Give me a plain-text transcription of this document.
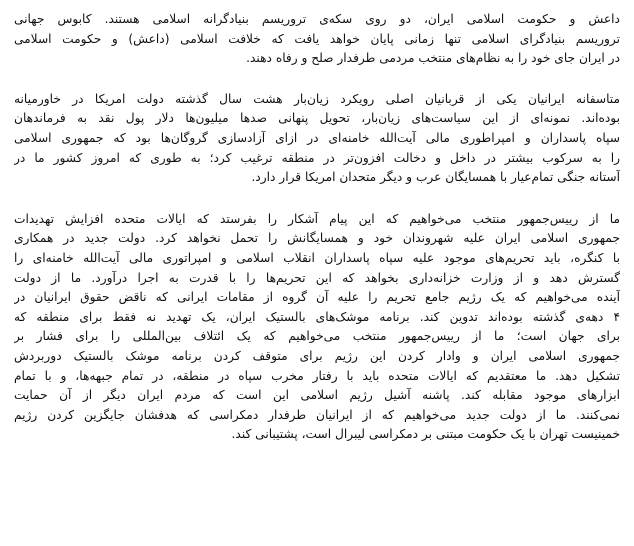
داعش و حکومت اسلامی ایران، دو روی سکه‌ی تروریسم بنیادگرانه اسلامی هستند. کابوس جهانی
تروریسم بنیادگرای اسلامی تنها زمانی پایان خواهد یافت که خلافت اسلامی (داعش) و حکومت اسلامی
در ایران جای خود را به نظام‌های منتخب مردمی طرفدار صلح و رفاه دهند.
متاسفانه ایرانیان یکی از قربانیان اصلی رویکرد زیان‌بار هشت سال گذشته دولت امریکا در خاورمیانه
بوده‌اند. نمونه‌ای از این سیاست‌های زیان‌بار، تحویل پنهانی صدها میلیون‌ها دلار پول نقد به فرماندهان
سپاه پاسداران و امپراطوری مالی آیت‌الله خامنه‌ای در ازای آزادسازی گروگان‌ها بود که جمهوری اسلامی
را به سرکوب بیشتر در داخل و دخالت افزون‌تر در منطقه ترغیب کرد؛ به طوری که امروز کشور ما در
آستانه جنگی تمام‌عیار با همسایگان عرب و دیگر متحدان امریکا قرار دارد.
ما از رییس‌جمهور منتخب می‌خواهیم که این پیام آشکار را بفرستد که ایالات متحده افزایش تهدیدات
جمهوری اسلامی ایران علیه شهروندان خود و همسایگانش را تحمل نخواهد کرد. دولت جدید در همکاری
با کنگره، باید تحریم‌های موجود علیه سپاه پاسداران انقلاب اسلامی و امپراتوری مالی آیت‌الله خامنه‌ای را
گسترش دهد و از وزارت خزانه‌داری بخواهد که این تحریم‌ها را با قدرت به اجرا درآورد. ما از دولت
آینده می‌خواهیم که یک رژیم جامع تحریم را علیه آن گروه از مقامات ایرانی که ناقض حقوق ایرانیان در
۴ دهه‌ی گذشته بوده‌اند تدوین کند. برنامه موشک‌های بالستیک ایران، یک تهدید نه فقط برای منطقه که
برای جهان است؛ ما از رییس‌جمهور منتخب می‌خواهیم که یک ائتلاف بین‌المللی را برای فشار بر
جمهوری اسلامی ایران و وادار کردن این رژیم برای متوقف کردن برنامه موشک بالستیک دوربردش
تشکیل دهد. ما معتقدیم که ایالات متحده باید با رفتار مخرب سپاه در منطقه، در تمام جبهه‌ها، و با تمام
ابزارهای موجود مقابله کند. پاشنه آشیل رژیم اسلامی این است که مردم ایران دیگر از آن حمایت
نمی‌کنند. ما از دولت جدید می‌خواهیم که از ایرانیان طرفدار دمکراسی که هدفشان جایگزین کردن رژیم
خمینیست تهران با یک حکومت مبتنی بر دمکراسی لیبرال است، پشتیبانی کند.
